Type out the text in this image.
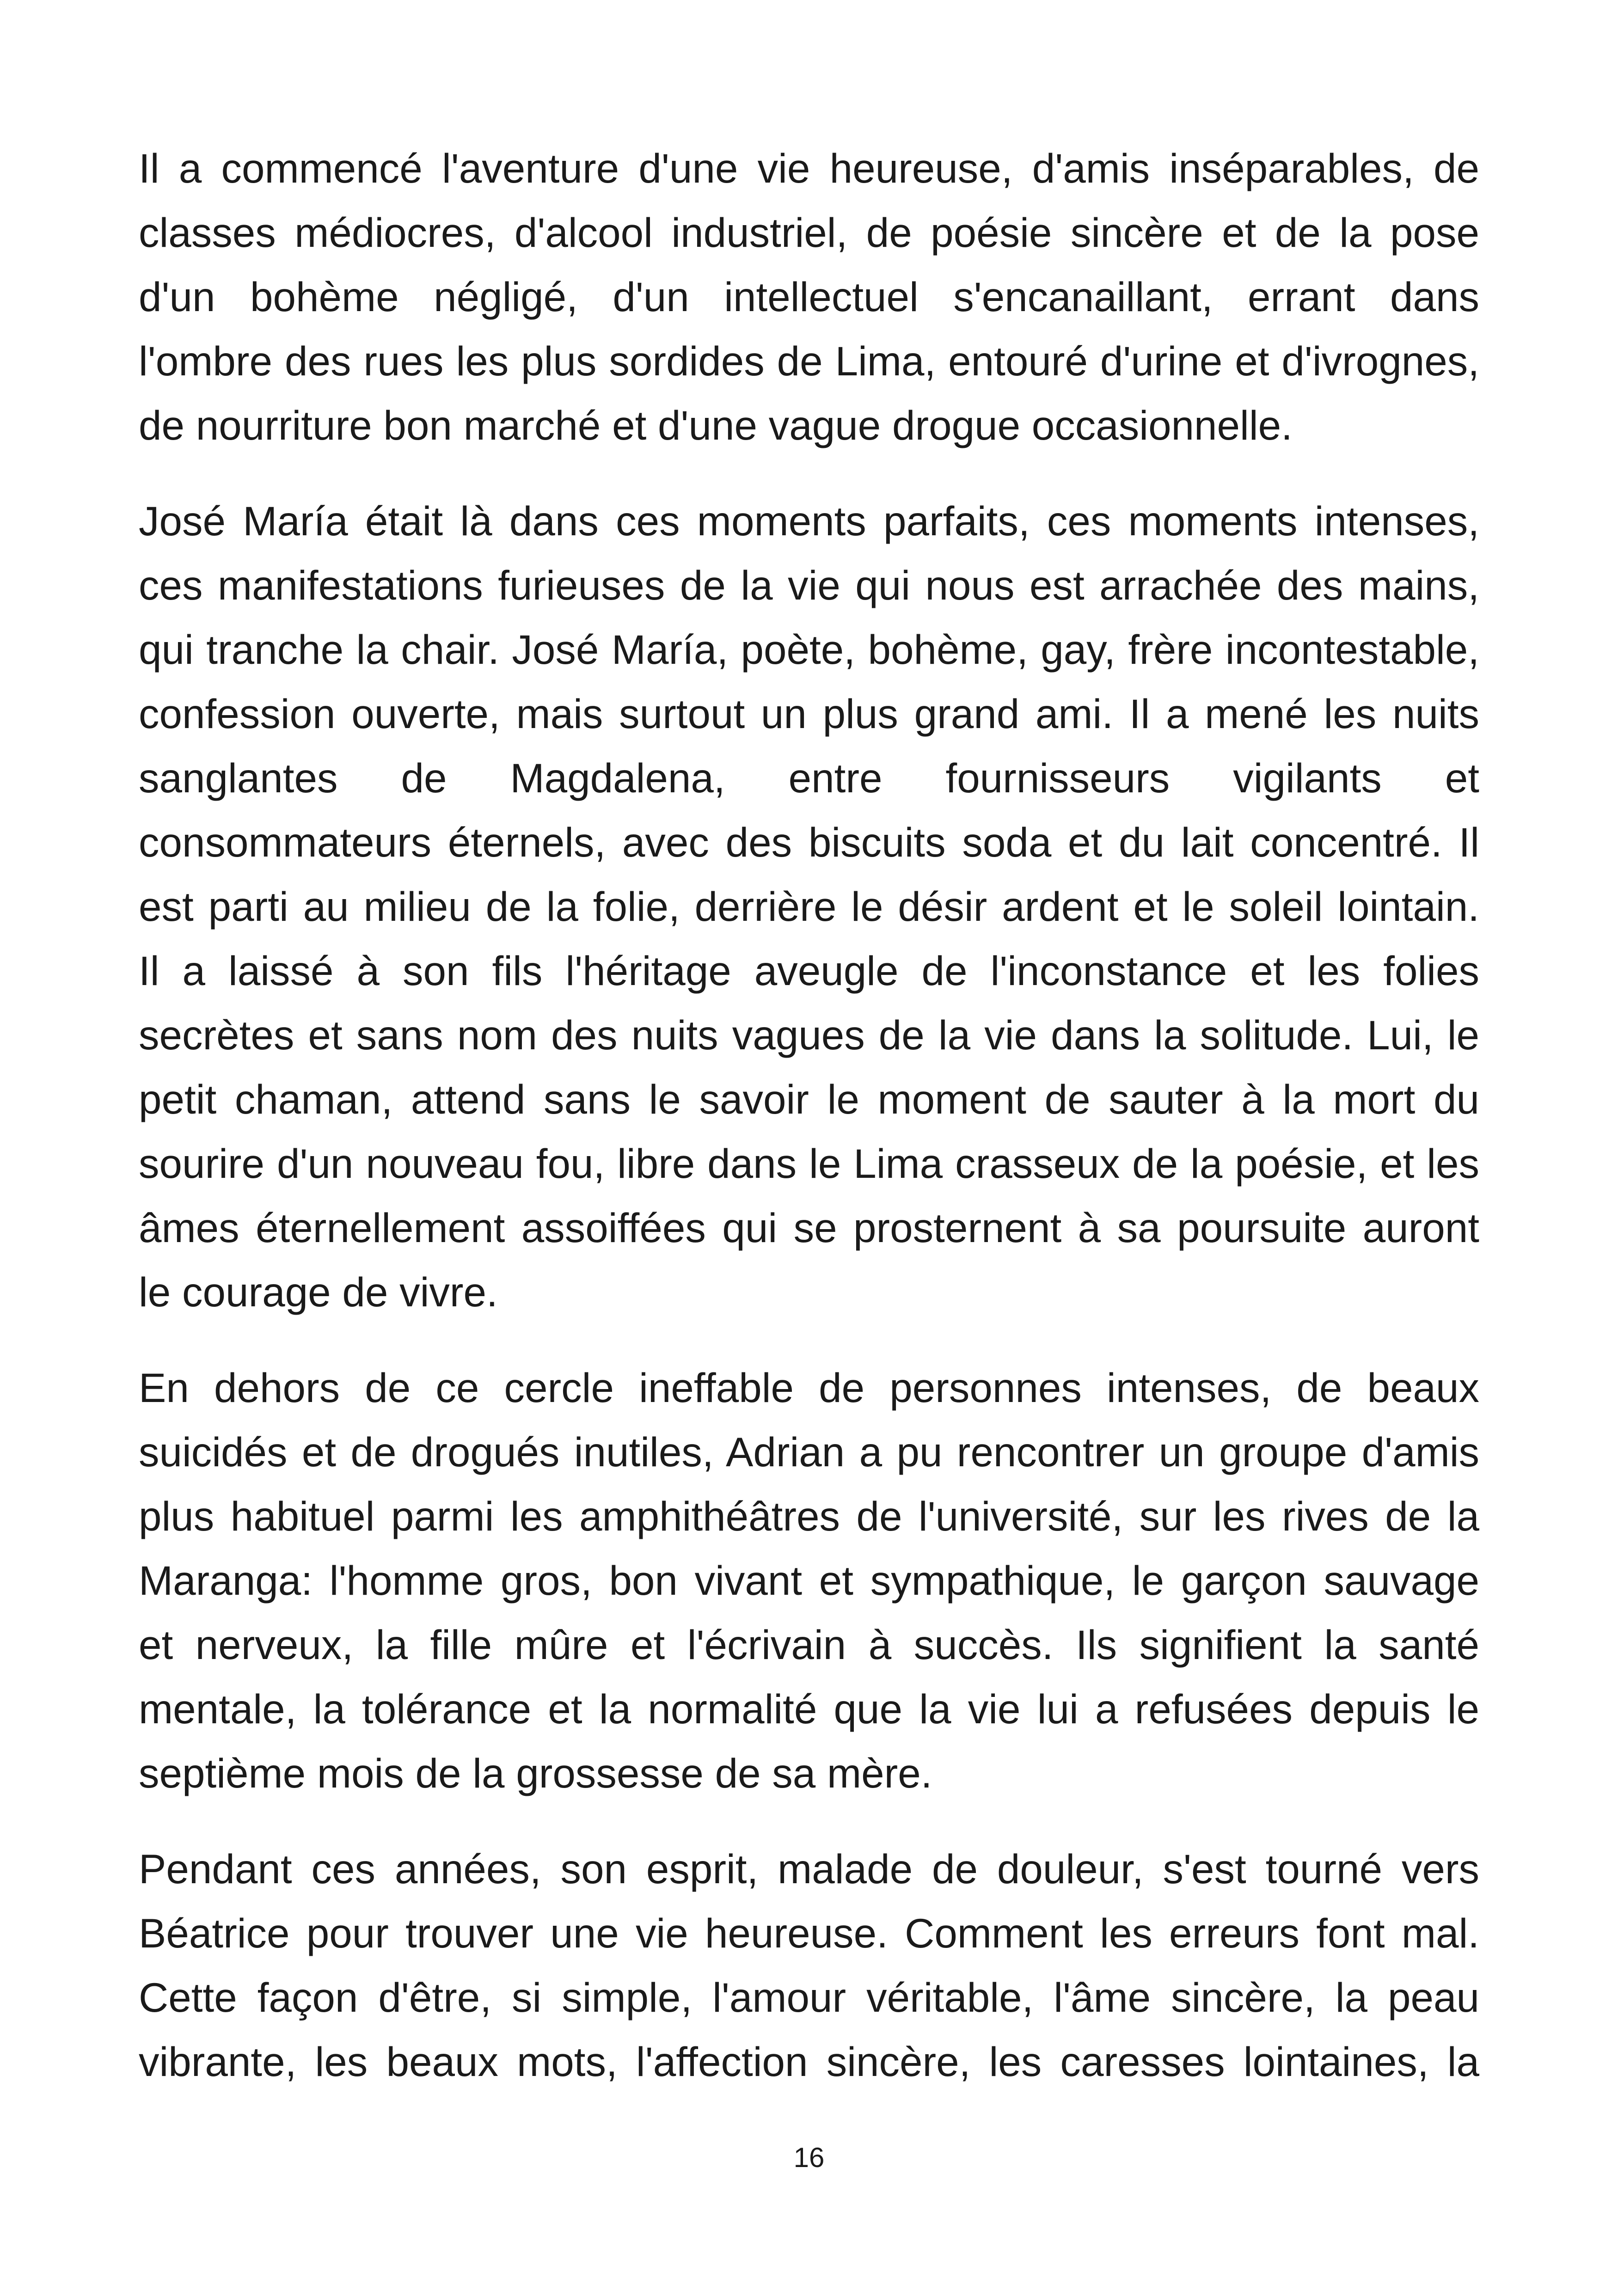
Il a commencé l'aventure d'une vie heureuse, d'amis inséparables, de
classes médiocres, d'alcool industriel, de poésie sincère et de la pose
d'un bohème négligé, d'un intellectuel s'encanaillant, errant dans
l'ombre des rues les plus sordides de Lima, entouré d'urine et d'ivrognes,
de nourriture bon marché et d'une vague drogue occasionnelle.

José María était là dans ces moments parfaits, ces moments intenses,
ces manifestations furieuses de la vie qui nous est arrachée des mains,
qui tranche la chair. José María, poète, bohème, gay, frère incontestable,
confession ouverte, mais surtout un plus grand ami. Il a mené les nuits
sanglantes de Magdalena, entre fournisseurs vigilants et
consommateurs éternels, avec des biscuits soda et du lait concentré. Il
est parti au milieu de la folie, derrière le désir ardent et le soleil lointain.
Il a laissé à son fils l'héritage aveugle de l'inconstance et les folies
secrètes et sans nom des nuits vagues de la vie dans la solitude. Lui, le
petit chaman, attend sans le savoir le moment de sauter à la mort du
sourire d'un nouveau fou, libre dans le Lima crasseux de la poésie, et les
âmes éternellement assoiffées qui se prosternent à sa poursuite auront
le courage de vivre.

En dehors de ce cercle ineffable de personnes intenses, de beaux
suicidés et de drogués inutiles, Adrian a pu rencontrer un groupe d'amis
plus habituel parmi les amphithéâtres de l'université, sur les rives de la
Maranga: l'homme gros, bon vivant et sympathique, le garçon sauvage
et nerveux, la fille mûre et l'écrivain à succès. Ils signifient la santé
mentale, la tolérance et la normalité que la vie lui a refusées depuis le
septième mois de la grossesse de sa mère.

Pendant ces années, son esprit, malade de douleur, s'est tourné vers
Béatrice pour trouver une vie heureuse. Comment les erreurs font mal.
Cette façon d'être, si simple, l'amour véritable, l'âme sincère, la peau
vibrante, les beaux mots, l'affection sincère, les caresses lointaines, la

16
